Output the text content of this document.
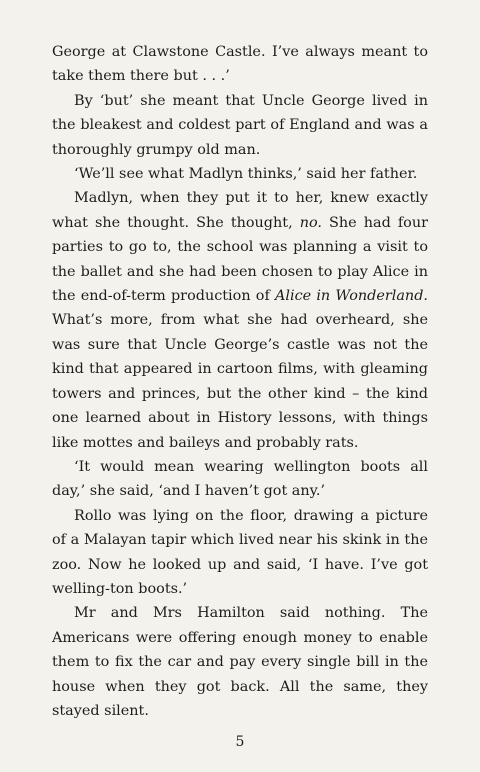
George at Clawstone Castle. I’ve always meant to take them there but . . .’

By ‘but’ she meant that Uncle George lived in the bleakest and coldest part of England and was a thoroughly grumpy old man.

‘We’ll see what Madlyn thinks,’ said her father.

Madlyn, when they put it to her, knew exactly what she thought. She thought, no. She had four parties to go to, the school was planning a visit to the ballet and she had been chosen to play Alice in the end-of-term production of Alice in Wonderland. What’s more, from what she had overheard, she was sure that Uncle George’s castle was not the kind that appeared in cartoon films, with gleaming towers and princes, but the other kind – the kind one learned about in History lessons, with things like mottes and baileys and probably rats.

‘It would mean wearing wellington boots all day,’ she said, ‘and I haven’t got any.’

Rollo was lying on the floor, drawing a picture of a Malayan tapir which lived near his skink in the zoo. Now he looked up and said, ‘I have. I’ve got welling-ton boots.’

Mr and Mrs Hamilton said nothing. The Americans were offering enough money to enable them to fix the car and pay every single bill in the house when they got back. All the same, they stayed silent.

5
